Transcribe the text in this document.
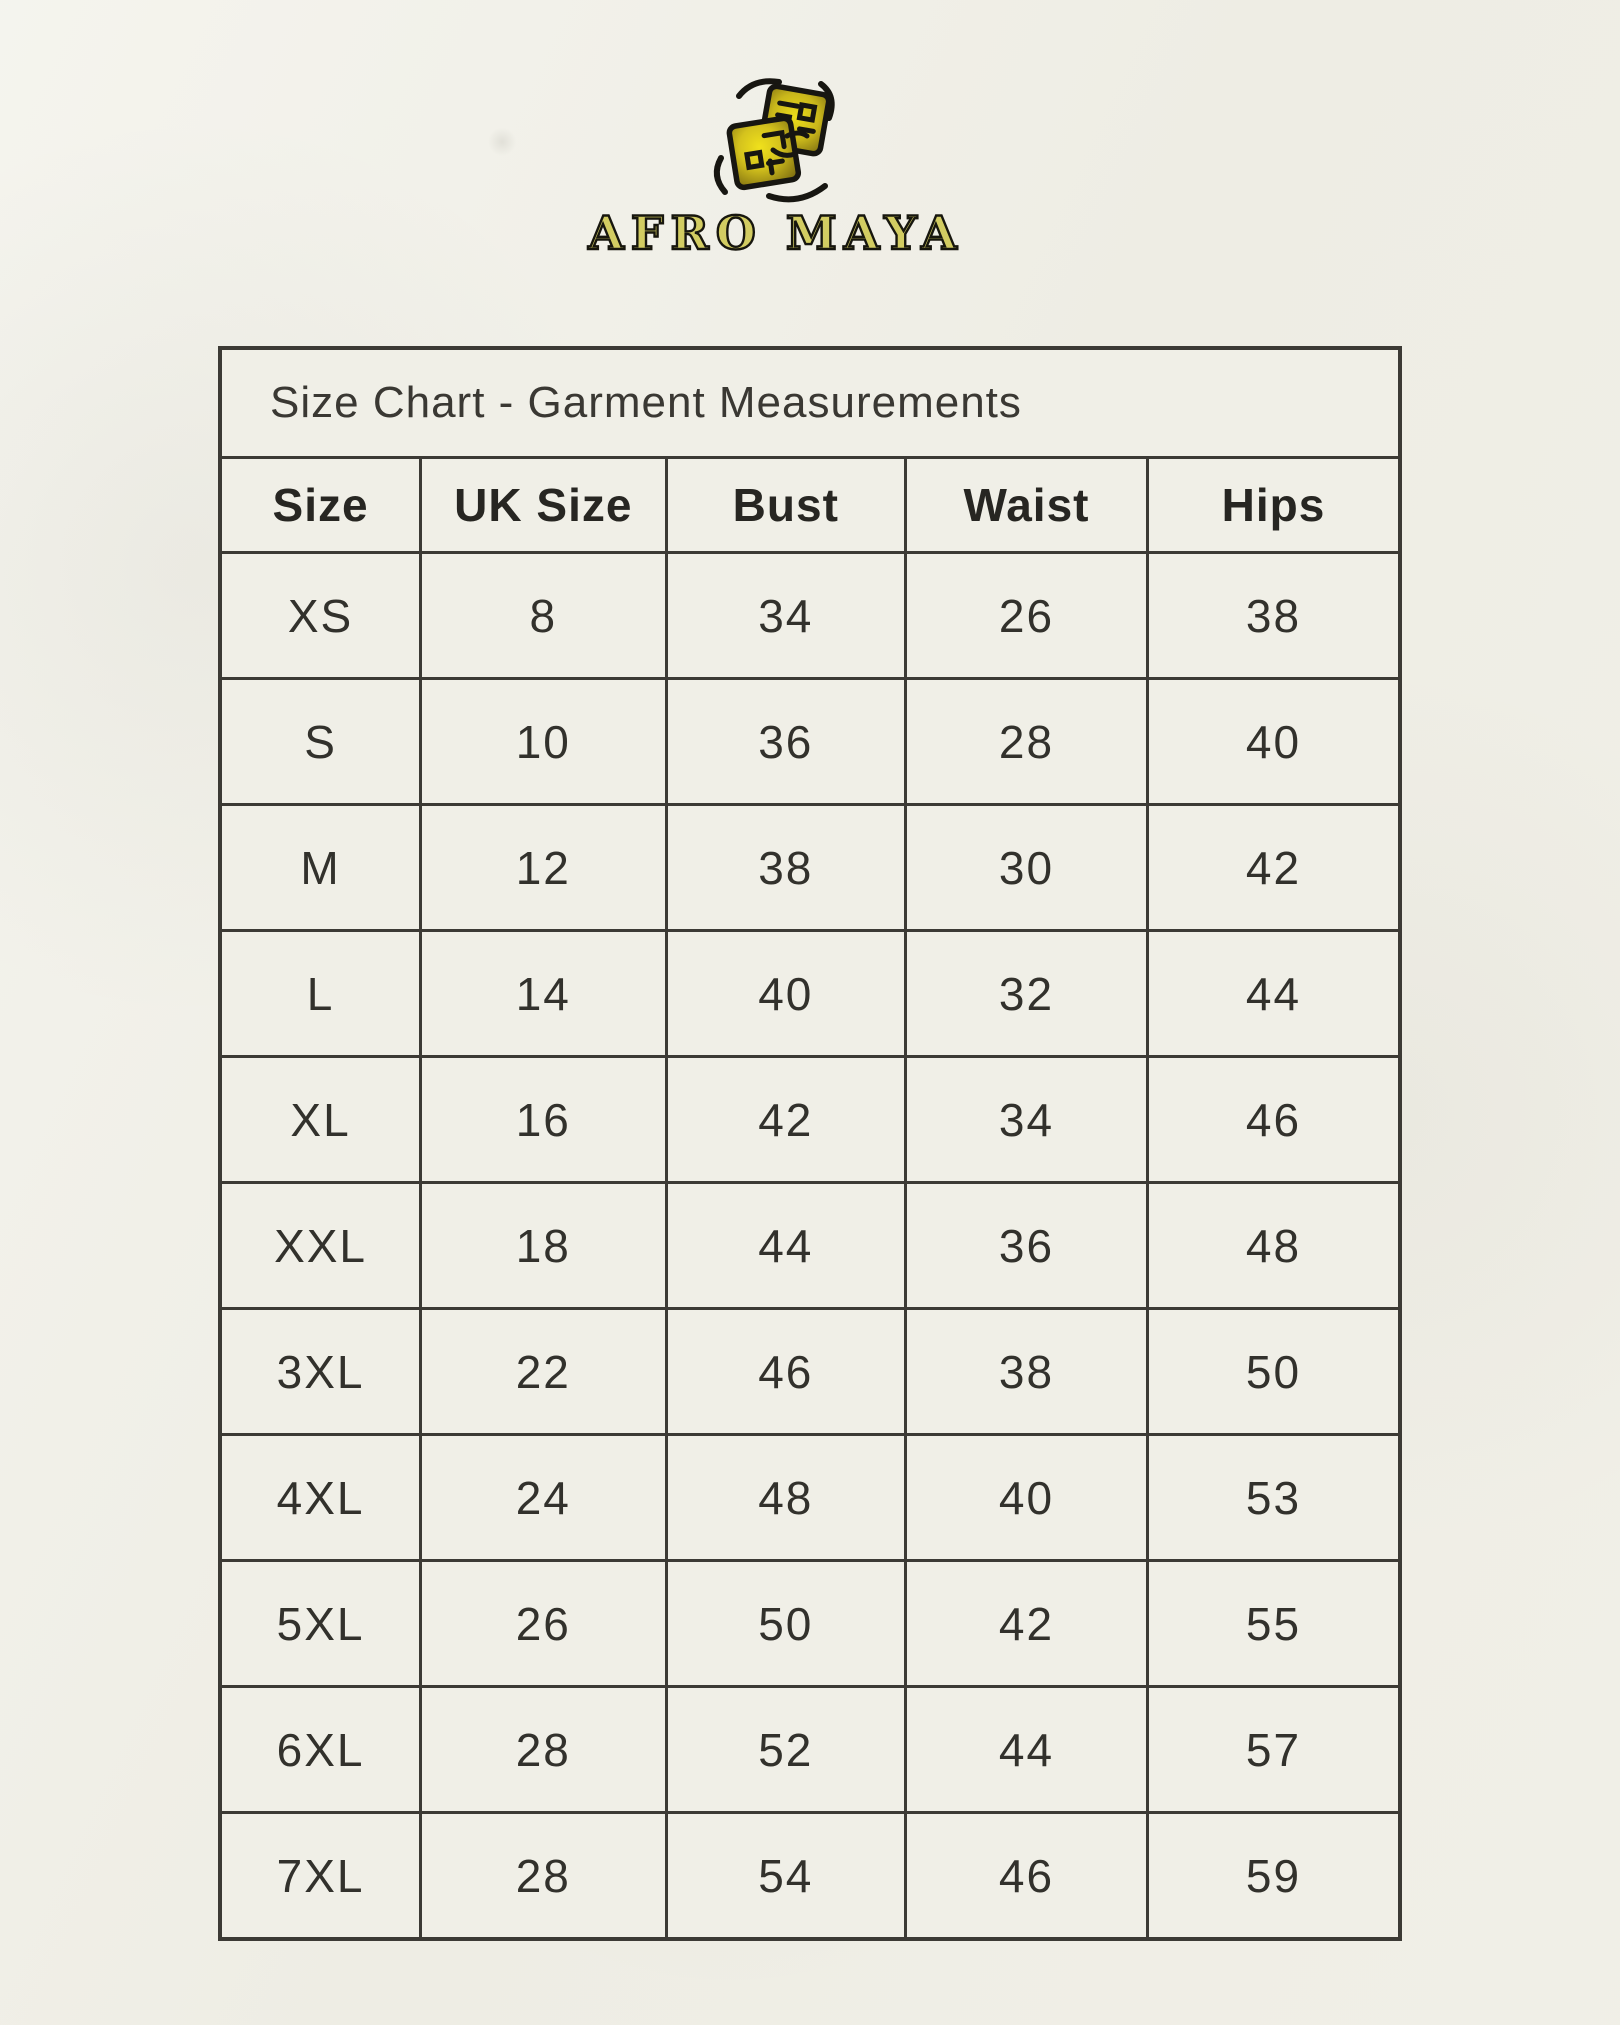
AFRO MAYA
Size Chart - Garment Measurements				
Size	UK Size	Bust	Waist	Hips
XS	8	34	26	38
S	10	36	28	40
M	12	38	30	42
L	14	40	32	44
XL	16	42	34	46
XXL	18	44	36	48
3XL	22	46	38	50
4XL	24	48	40	53
5XL	26	50	42	55
6XL	28	52	44	57
7XL	28	54	46	59
